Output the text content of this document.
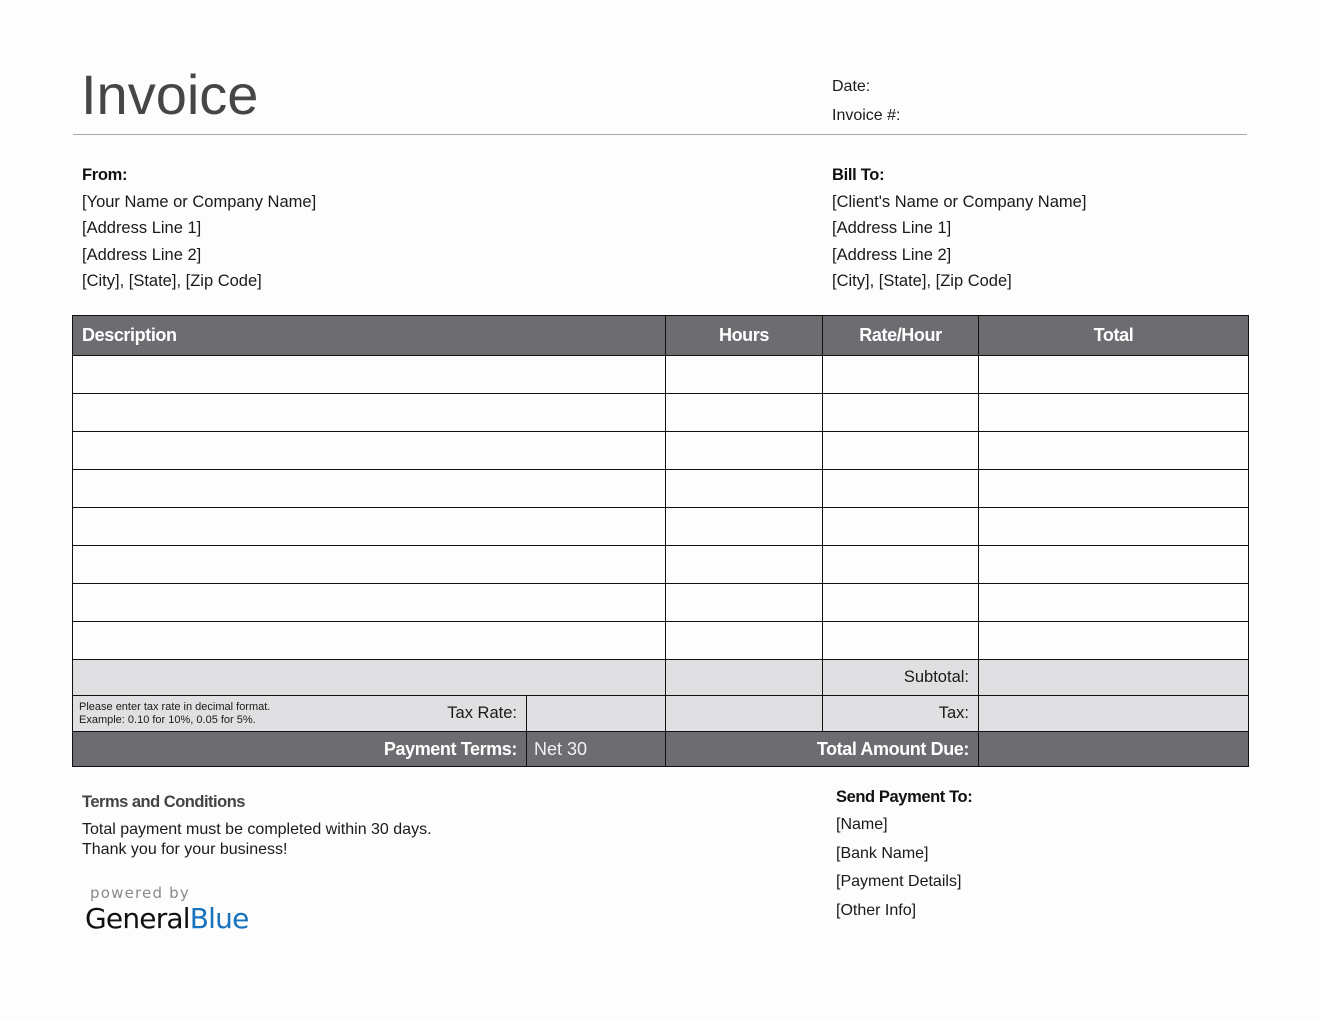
Invoice	Date:
Invoice #:
From:
[Your Name or Company Name]
[Address Line 1]
[Address Line 2]
[City], [State], [Zip Code]
Bill To:
[Client's Name or Company Name]
[Address Line 1]
[Address Line 2]
[City], [State], [Zip Code]
Description		Hours	Rate/Hour	Total

			Subtotal:	

Please enter tax rate in decimal format.
Example: 0.10 for 10%, 0.05 for 5%. Tax Rate:			Tax:	
Payment Terms:	Net 30	Total Amount Due:		
Terms and Conditions
Total payment must be completed within 30 days.
Thank you for your business!
powered by
GeneralBlue
Send Payment To:
[Name]
[Bank Name]
[Payment Details]
[Other Info]
